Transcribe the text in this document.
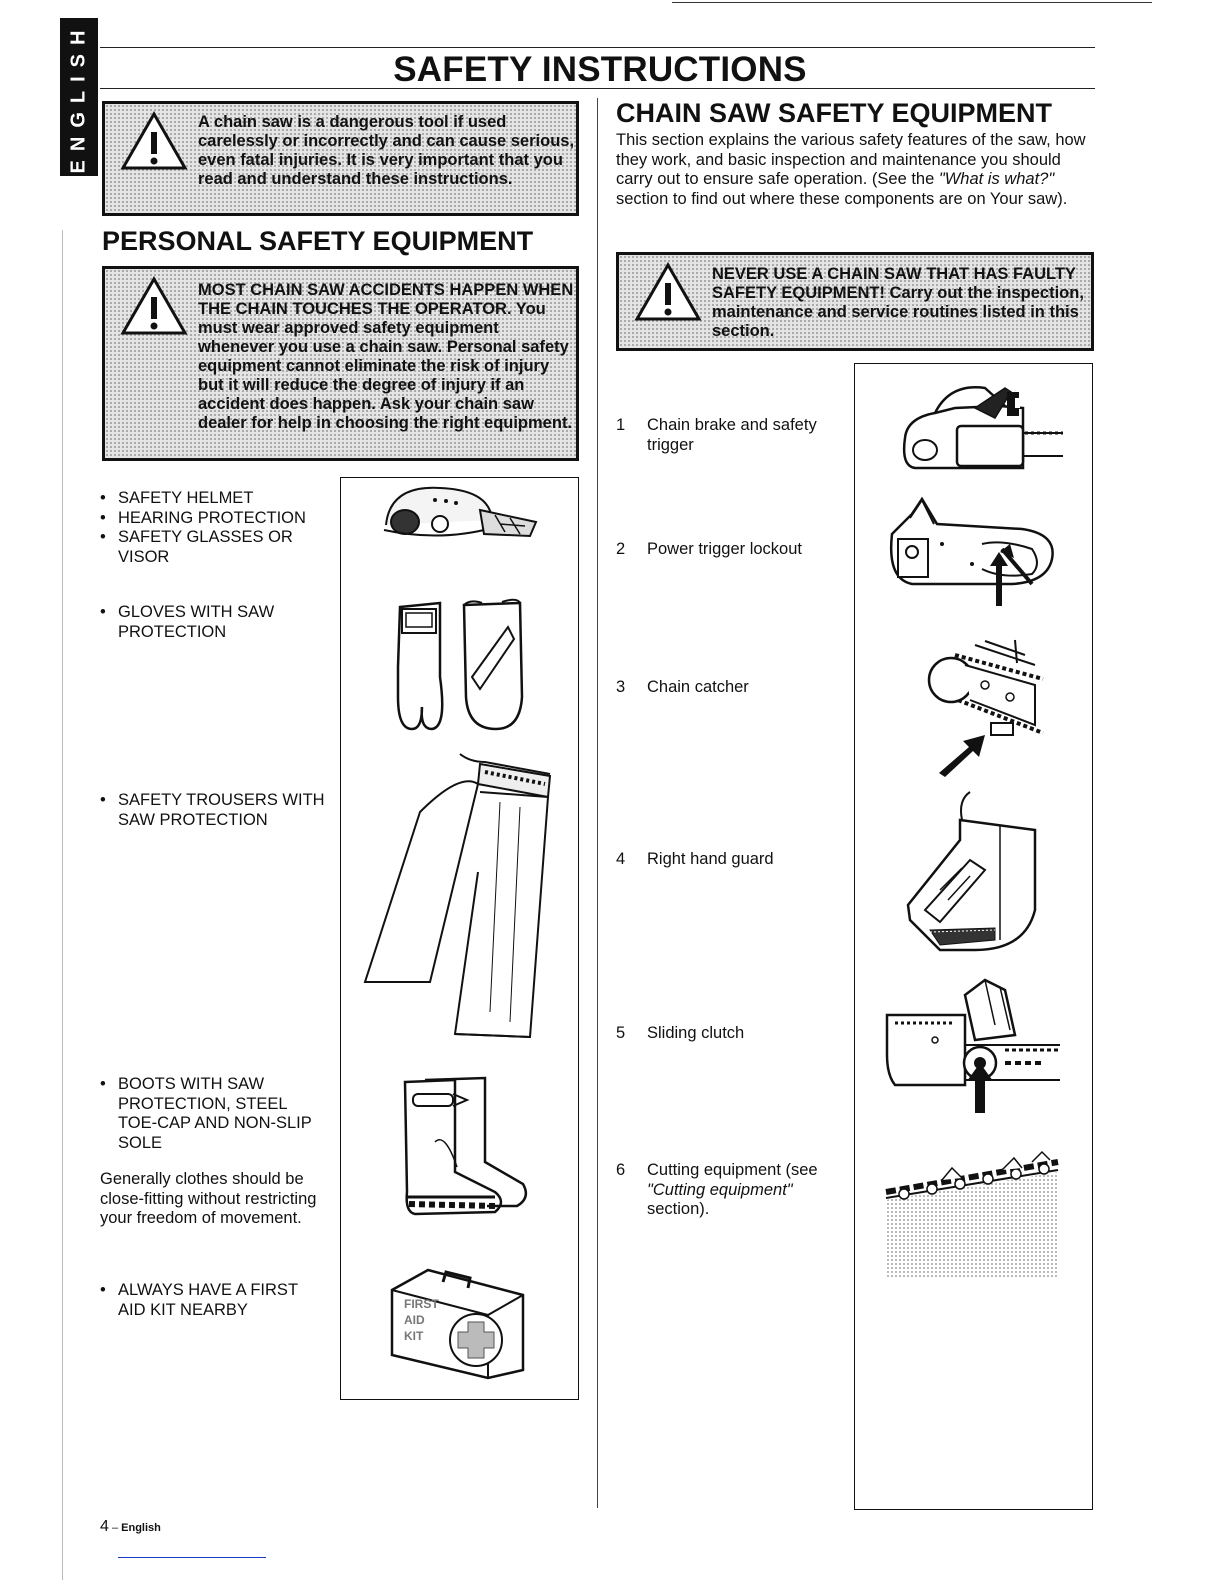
ENGLISH	SAFETY INSTRUCTIONS
A chain saw is a dangerous tool if used carelessly or incorrectly and can cause serious, even fatal injuries. It is very important that you read and understand these instructions.
PERSONAL SAFETY EQUIPMENT
MOST CHAIN SAW ACCIDENTS HAPPEN WHEN THE CHAIN TOUCHES THE OPERATOR. You must wear approved safety equipment whenever you use a chain saw. Personal safety equipment cannot eliminate the risk of injury but it will reduce the degree of injury if an accident does happen. Ask your chain saw dealer for help in choosing the right equipment.
• SAFETY HELMET
• HEARING PROTECTION
• SAFETY GLASSES OR VISOR
• GLOVES WITH SAW PROTECTION
• SAFETY TROUSERS WITH SAW PROTECTION
• BOOTS WITH SAW PROTECTION, STEEL TOE-CAP AND NON-SLIP SOLE
Generally clothes should be close-fitting without restricting your freedom of movement.
• ALWAYS HAVE A FIRST AID KIT NEARBY	FIRST
AID
KIT
CHAIN SAW SAFETY EQUIPMENT
This section explains the various safety features of the saw, how they work, and basic inspection and maintenance you should carry out to ensure safe operation. (See the "What is what?" section to find out where these components are on Your saw).
NEVER USE A CHAIN SAW THAT HAS FAULTY SAFETY EQUIPMENT! Carry out the inspection, maintenance and service routines listed in this section.
1 Chain brake and safety trigger
2 Power trigger lockout
3 Chain catcher
4 Right hand guard
5 Sliding clutch
6 Cutting equipment (see "Cutting equipment" section).
4 – English
